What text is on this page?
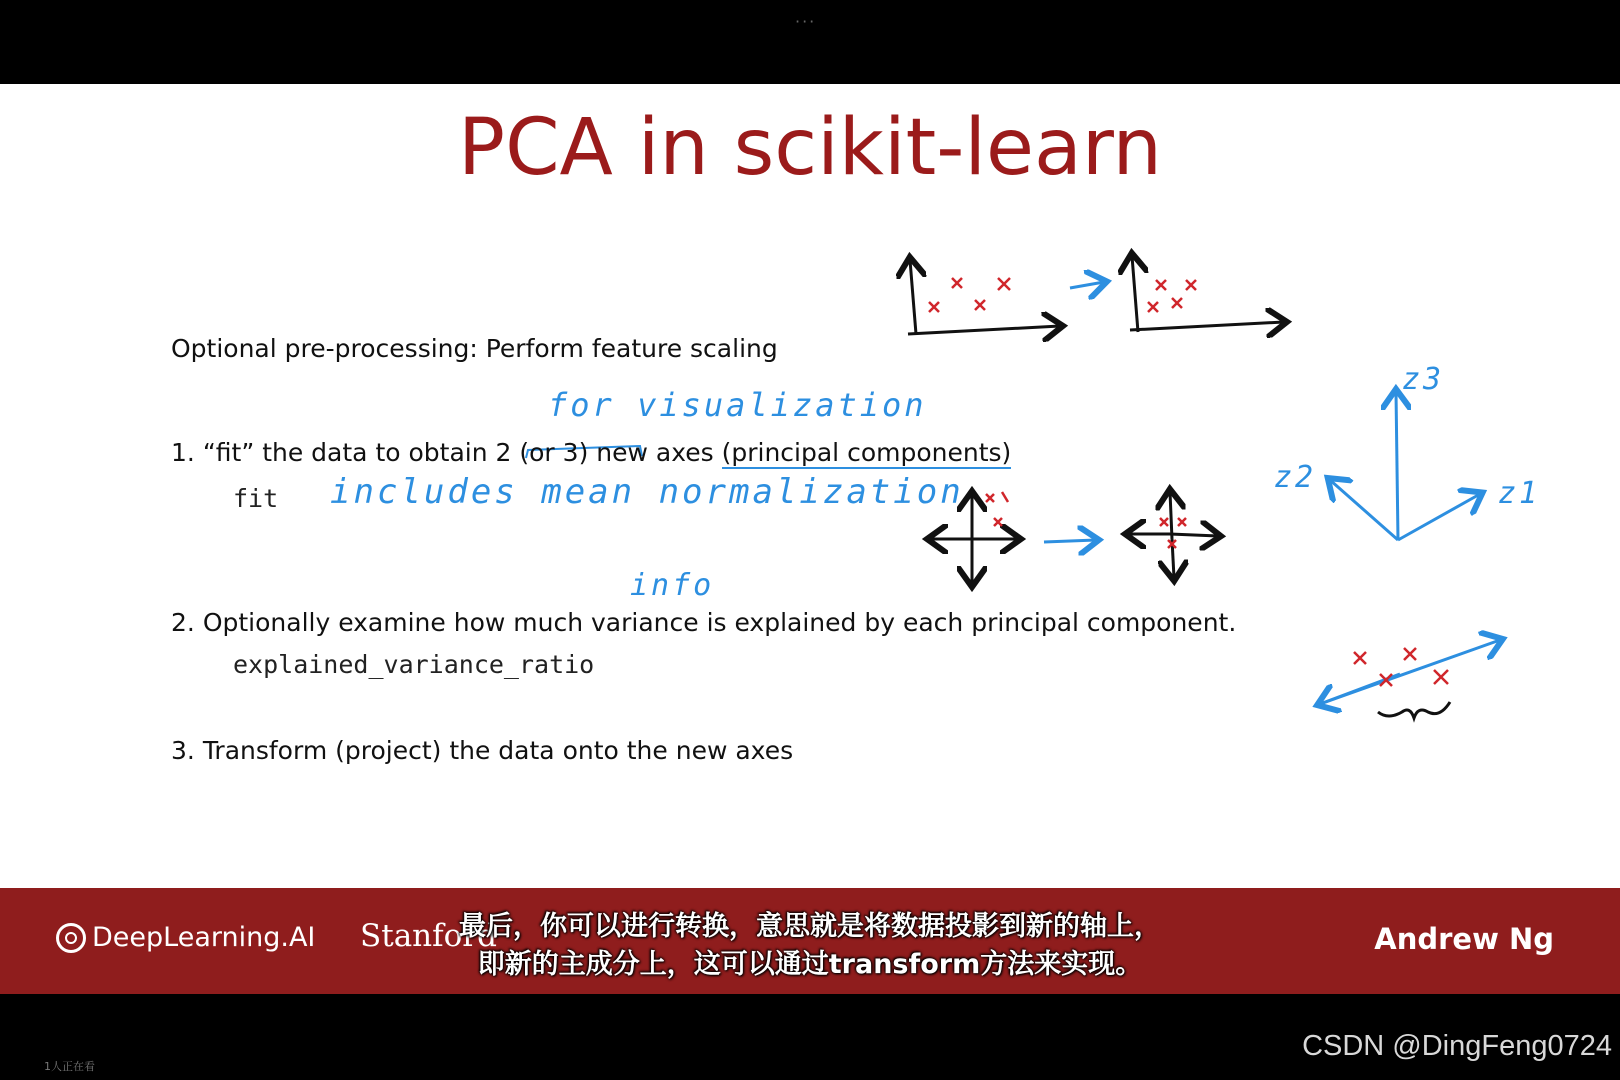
···
PCA in scikit-learn
Optional pre-processing: Perform feature scaling
for visualization
1. “fit” the data to obtain 2 (or 3) new axes (principal components)
fit includes mean normalization
info
2. Optionally examine how much variance is explained by each principal component.
explained_variance_ratio
3. Transform (project) the data onto the new axes
z3
z2	z1
DeepLearning.AI Stanford	Andrew Ng
最后，你可以进行转换，意思就是将数据投影到新的轴上，
即新的主成分上，这可以通过transform方法来实现。
1人正在看
CSDN @DingFeng0724
